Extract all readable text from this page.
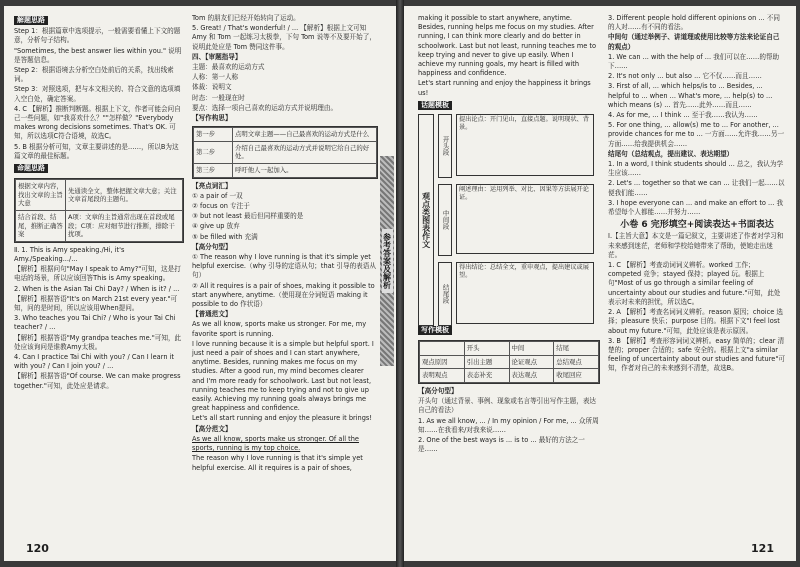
解题思路

Step 1：根据篇章中选项提示，一般需要看懂上下文的题意，分析句子结构。

"Sometimes, the best answer lies within you." 说明是答题信息。

Step 2：根据语境去分析空白处前后的关系，找出线索词。

Step 3：对照选项，把与本文相关的、符合文意的选项填入空白处，确定答案。

4. C 【解析】推断判断题。根据上下文，作者可能会问自己一些问题，如"我喜欢什么？""怎样做？"Everybody makes wrong decisions sometimes. That's OK. 可知，所以选项C符合语境，故选C。

5. B 根据分析可知，文章主要讲述的是……，所以B为这篇文章的最佳标题。

命题思路
根据文章内容，找出文章的主旨大意	先通读全文，整体把握文章大意；关注文章首尾段的主题句。
结合首段、结尾，推断正确答案	A项：文章的主旨通常出现在首段或尾段；C项：应对细节进行推断，排除干扰项。

Ⅱ. 1. This is Amy speaking./Hi, it's Amy./Speaking.../...

【解析】根据问句"May I speak to Amy?"可知，这是打电话的场景，所以应该回答This is Amy speaking。

2. When is the Asian Tai Chi Day? / When is it? / ...

【解析】根据答语"It's on March 21st every year."可知，问的是时间，所以应该用When提问。

3. Who teaches you Tai Chi? / Who is your Tai Chi teacher? / ...

【解析】根据答语"My grandpa teaches me."可知，此处应该询问是谁教Amy太极。

4. Can I practice Tai Chi with you? / Can I learn it with you? / Can I join you? / ...

【解析】根据答语"Of course. We can make progress together."可知，此处应是请求。

Tom 的朋友们已经开始转向了运动。

5. Great! / That's wonderful! / ... 【解析】根据上文可知 Amy 和 Tom 一起练习太极拳，下句 Tom 说等不及要开始了，说明此处应是 Tom 赞同这件事。

四、【审题指导】

主题：最喜欢的运动方式

人称：第一人称

体裁：说明文

时态：一般现在时

要点：选择一项自己喜欢的运动方式并说明理由。

【写作构思】

第一步	点明文章主题——自己最喜欢的运动方式是什么
第二步	介绍自己最喜欢的运动方式并说明它给自己的好处。
第三步	呼吁他人一起加入。

【亮点词汇】

① a pair of 一双

② focus on 专注于

③ but not least 最后但同样重要的是

④ give up 放弃

⑤ be filled with 充满

【高分句型】

① The reason why I love running is that it's simple yet helpful exercise.（why 引导的定语从句；that 引导的表语从句）

② All it requires is a pair of shoes, making it possible to start anywhere, anytime.（使用现在分词短语 making it possible to do 作状语）

【普通范文】

As we all know, sports make us stronger. For me, my favorite sport is running.

I love running because it is a simple but helpful sport. I just need a pair of shoes and I can start anywhere, anytime. Besides, running makes me focus on my studies. After a good run, my mind becomes clearer and I'm more ready for schoolwork. Last but not least, running teaches me to keep trying and not to give up easily. Achieving my running goals always brings me great happiness and confidence.

Let's all start running and enjoy the pleasure it brings!

【高分范文】

As we all know, sports make us stronger. Of all the sports, running is my top choice.

The reason why I love running is that it's simple yet helpful exercise. All it requires is a pair of shoes,

参考答案及解析
120

making it possible to start anywhere, anytime. Besides, running helps me focus on my studies. After running, I can think more clearly and do better in schoolwork. Last but not least, running teaches me to keep trying and never to give up easily. When I achieve my running goals, my heart is filled with happiness and confidence.

Let's start running and enjoy the happiness it brings us!

话题模板
观点类图表作文
开头段
提出论点：开门见山，直接点题。说明现状、背景。
中间段
阐述理由：运用列举、对比、因果等方法展开论证。
结尾段
得出结论：总结全文，重申观点，提出建议或展望。
写作模板
	开头	中间	结尾
观点原因	引出主题	论证观点	总结观点
表明观点	表态补充	表达观点	收尾回应

【高分句型】

开头句（通过背景、事例、现象或名言等引出写作主题，表达自己的看法）

1. As we all know, ... / In my opinion / For me, ... 众所周知……在我看来/对我来说……

2. One of the best ways is ... is to ... 最好的方法之一是……

3. Different people hold different opinions on ... 不同的人对……有不同的看法。

中间句（通过举例子、讲道理或使用比较等方法来论证自己的观点）

1. We can ... with the help of ... 我们可以在……的帮助下……

2. It's not only ... but also ... 它不仅……而且……

3. First of all, ... which helps/is to ... Besides, ... helpful to ... when ... What's more, ... help(s) to ... which means (s) ... 首先……此外……而且……

4. As for me, ... I think ... 至于我……我认为……

5. For one thing, ... allow(s) me to ... For another, ... provide chances for me to ... 一方面……允许我……另一方面……给我提供机会……

结尾句（总结观点，提出建议、表达期望）

1. In a word, I think students should ... 总之，我认为学生应该……

2. Let's ... together so that we can ... 让我们一起……以便我们能……

3. I hope everyone can ... and make an effort to ... 我希望每个人都能……并努力……

小卷 6 完形填空+阅读表达+书面表达

Ⅰ.【主旨大意】本文是一篇记叙文，主要讲述了作者对学习和未来感到迷茫，老师和学校给她带来了帮助，使她走出迷茫。

1. C 【解析】考查动词词义辨析。worked 工作；competed 竞争；stayed 保持；played 玩。根据上句"Most of us go through a similar feeling of uncertainty about our studies and future."可知，此处表示对未来的担忧，所以选C。

2. A 【解析】考查名词词义辨析。reason 原因；choice 选择；pleasure 快乐；purpose 目的。根据下文"I feel lost about my future."可知，此处应该是表示原因。

3. B 【解析】考查形容词词义辨析。easy 简单的；clear 清楚的；proper 合适的；safe 安全的。根据上文"a similar feeling of uncertainty about our studies and future"可知，作者对自己的未来感到不清楚，故选B。

121
